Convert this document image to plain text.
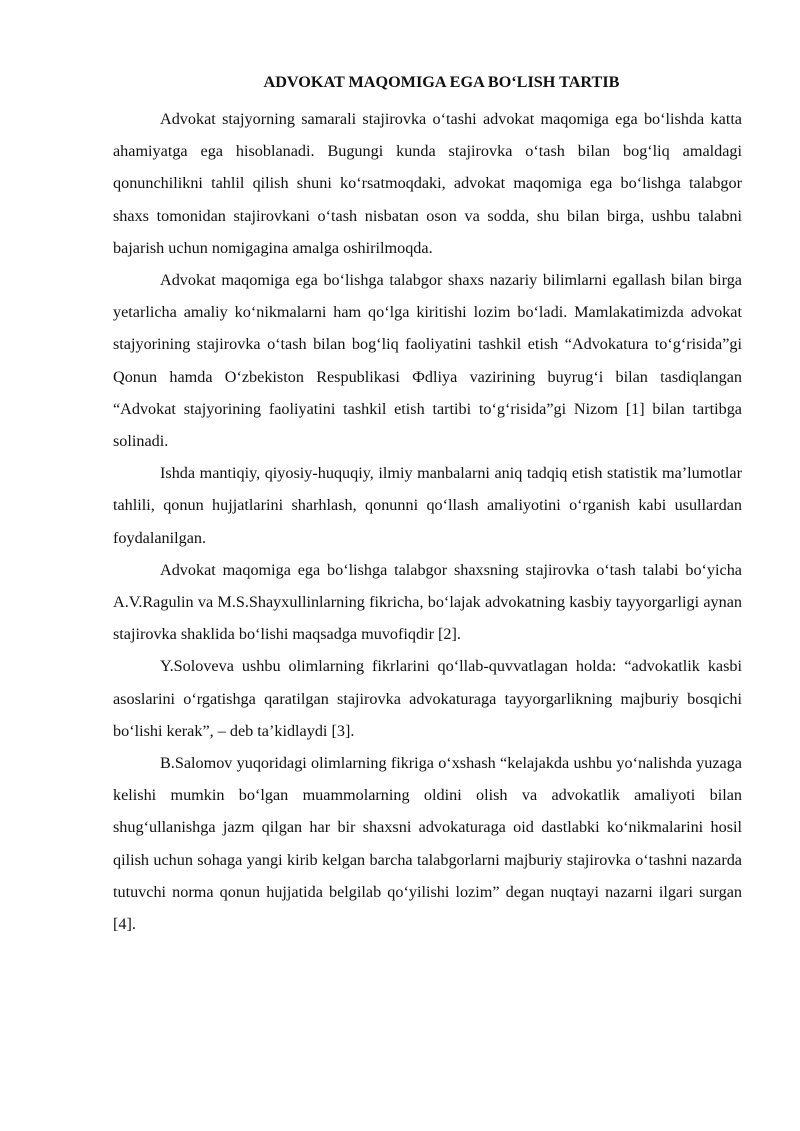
ADVOKAT MAQOMIGA EGA BOʻLISH TARTIB

Advokat stajyorning samarali stajirovka oʻtashi advokat maqomiga ega boʻlishda katta ahamiyatga ega hisoblanadi. Bugungi kunda stajirovka oʻtash bilan bogʻliq amaldagi qonunchilikni tahlil qilish shuni koʻrsatmoqdaki, advokat maqomiga ega boʻlishga talabgor shaxs tomonidan stajirovkani oʻtash nisbatan oson va sodda, shu bilan birga, ushbu talabni bajarish uchun nomigagina amalga oshirilmoqda.

Advokat maqomiga ega boʻlishga talabgor shaxs nazariy bilimlarni egallash bilan birga yetarlicha amaliy koʻnikmalarni ham qoʻlga kiritishi lozim boʻladi. Mamlakatimizda advokat stajyorining stajirovka oʻtash bilan bogʻliq faoliyatini tashkil etish “Advokatura toʻgʻrisida”gi Qonun hamda Oʻzbekiston Respublikasi Фdliya vazirining buyrugʻi bilan tasdiqlangan “Advokat stajyorining faoliyatini tashkil etish tartibi toʻgʻrisida”gi Nizom [1] bilan tartibga solinadi.

Ishda mantiqiy, qiyosiy-huquqiy, ilmiy manbalarni aniq tadqiq etish statistik maʼlumotlar tahlili, qonun hujjatlarini sharhlash, qonunni qoʻllash amaliyotini oʻrganish kabi usullardan foydalanilgan.

Advokat maqomiga ega boʻlishga talabgor shaxsning stajirovka oʻtash talabi boʻyicha A.V.Ragulin va M.S.Shayxullinlarning fikricha, boʻlajak advokatning kasbiy tayyorgarligi aynan stajirovka shaklida boʻlishi maqsadga muvofiqdir [2].

Y.Soloveva ushbu olimlarning fikrlarini qoʻllab-quvvatlagan holda: “advokatlik kasbi asoslarini oʻrgatishga qaratilgan stajirovka advokaturaga tayyorgarlikning majburiy bosqichi boʻlishi kerak”, – deb taʼkidlaydi [3].

B.Salomov yuqoridagi olimlarning fikriga oʻxshash “kelajakda ushbu yoʻnalishda yuzaga kelishi mumkin boʻlgan muammolarning oldini olish va advokatlik amaliyoti bilan shugʻullanishga jazm qilgan har bir shaxsni advokaturaga oid dastlabki koʻnikmalarini hosil qilish uchun sohaga yangi kirib kelgan barcha talabgorlarni majburiy stajirovka oʻtashni nazarda tutuvchi norma qonun hujjatida belgilab qoʻyilishi lozim” degan nuqtayi nazarni ilgari surgan [4].
